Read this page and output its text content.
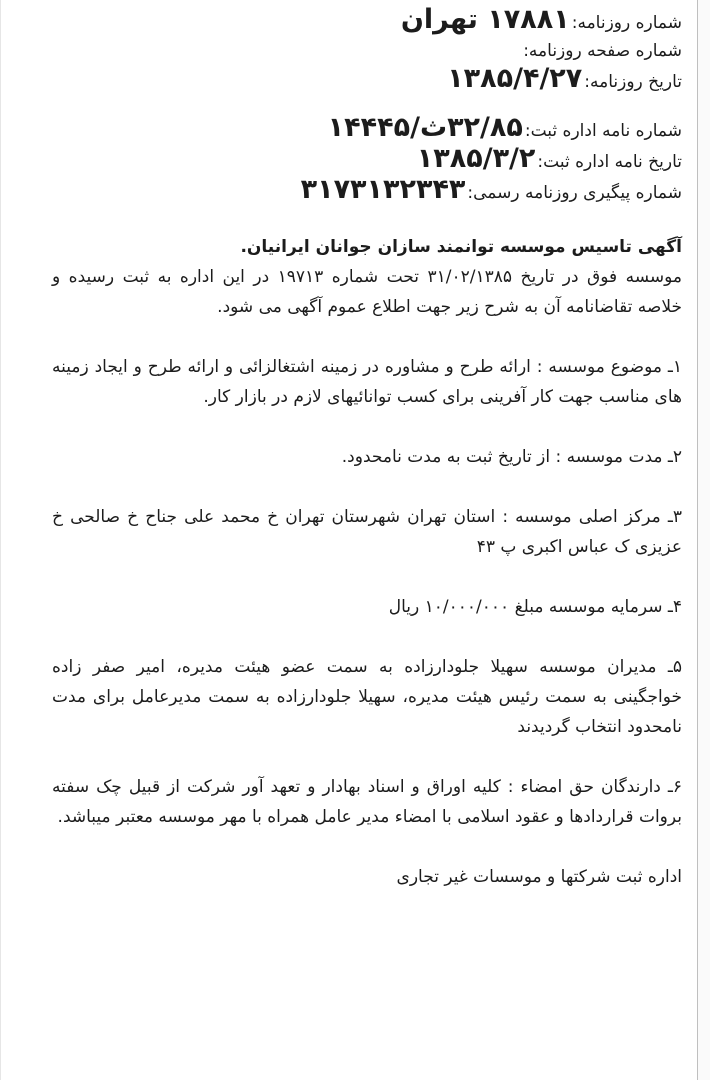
شماره روزنامه:۱۷۸۸۱ تهران
شماره صفحه روزنامه:
تاریخ روزنامه:۱۳۸۵/۴/۲۷
شماره نامه اداره ثبت:۳۲/۸۵ث/۱۴۴۴۵
تاریخ نامه اداره ثبت:۱۳۸۵/۳/۲
شماره پیگیری روزنامه رسمی:۳۱۷۳۱۳۲۳۴۳
آگهی تاسیس موسسه توانمند سازان جوانان ایرانیان.

موسسه فوق در تاریخ ۳۱/۰۲/۱۳۸۵ تحت شماره ۱۹۷۱۳ در این اداره به ثبت رسیده و خلاصه تقاضانامه آن به شرح زیر جهت اطلاع عموم آگهی می شود.

۱ـ موضوع موسسه : ارائه طرح و مشاوره در زمینه اشتغالزائی و ارائه طرح و ایجاد زمینه های مناسب جهت کار آفرینی برای کسب توانائیهای لازم در بازار کار.

۲ـ مدت موسسه : از تاریخ ثبت به مدت نامحدود.

۳ـ مرکز اصلی موسسه : استان تهران شهرستان تهران خ محمد علی جناح خ صالحی خ عزیزی ک عباس اکبری پ ۴۳

۴ـ سرمایه موسسه مبلغ ۱۰/۰۰۰/۰۰۰ ریال

۵ـ مدیران موسسه سهیلا جلودارزاده به سمت عضو هیئت مدیره، امیر صفر زاده خواجگینی به سمت رئیس هیئت مدیره، سهیلا جلودارزاده به سمت مدیرعامل برای مدت نامحدود انتخاب گردیدند

۶ـ دارندگان حق امضاء : کلیه اوراق و اسناد بهادار و تعهد آور شرکت از قبیل چک سفته بروات قراردادها و عقود اسلامی با امضاء مدیر عامل همراه با مهر موسسه معتبر میباشد.

اداره ثبت شرکتها و موسسات غیر تجاری
